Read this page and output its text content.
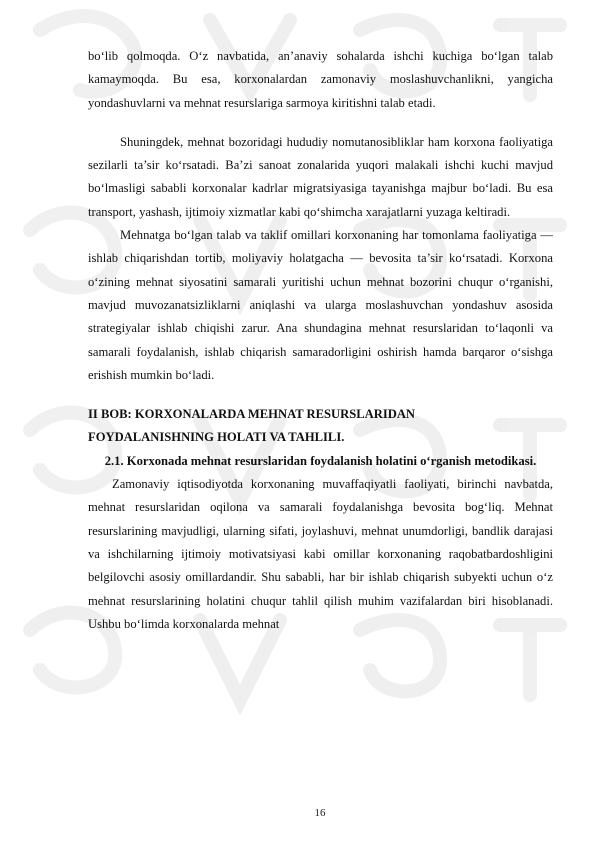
bo‘lib qolmoqda. O‘z navbatida, an’anaviy sohalarda ishchi kuchiga bo‘lgan talab kamaymoqda. Bu esa, korxonalardan zamonaviy moslashuvchanlikni, yangicha yondashuvlarni va mehnat resurslariga sarmoya kiritishni talab etadi.

Shuningdek, mehnat bozoridagi hududiy nomutanosibliklar ham korxona faoliyatiga sezilarli ta’sir ko‘rsatadi. Ba’zi sanoat zonalarida yuqori malakali ishchi kuchi mavjud bo‘lmasligi sababli korxonalar kadrlar migratsiyasiga tayanishga majbur bo‘ladi. Bu esa transport, yashash, ijtimoiy xizmatlar kabi qo‘shimcha xarajatlarni yuzaga keltiradi.

Mehnatga bo‘lgan talab va taklif omillari korxonaning har tomonlama faoliyatiga — ishlab chiqarishdan tortib, moliyaviy holatgacha — bevosita ta’sir ko‘rsatadi. Korxona o‘zining mehnat siyosatini samarali yuritishi uchun mehnat bozorini chuqur o‘rganishi, mavjud muvozanatsizliklarni aniqlashi va ularga moslashuvchan yondashuv asosida strategiyalar ishlab chiqishi zarur. Ana shundagina mehnat resurslaridan to‘laqonli va samarali foydalanish, ishlab chiqarish samaradorligini oshirish hamda barqaror o‘sishga erishish mumkin bo‘ladi.

II BOB: KORXONALARDA MEHNAT RESURSLARIDAN

FOYDALANISHNING HOLATI VA TAHLILI.

2.1. Korxonada mehnat resurslaridan foydalanish holatini o‘rganish metodikasi.

Zamonaviy iqtisodiyotda korxonaning muvaffaqiyatli faoliyati, birinchi navbatda, mehnat resurslaridan oqilona va samarali foydalanishga bevosita bog‘liq. Mehnat resurslarining mavjudligi, ularning sifati, joylashuvi, mehnat unumdorligi, bandlik darajasi va ishchilarning ijtimoiy motivatsiyasi kabi omillar korxonaning raqobatbardoshligini belgilovchi asosiy omillardandir. Shu sababli, har bir ishlab chiqarish subyekti uchun o‘z mehnat resurslarining holatini chuqur tahlil qilish muhim vazifalardan biri hisoblanadi. Ushbu bo‘limda korxonalarda mehnat

16
